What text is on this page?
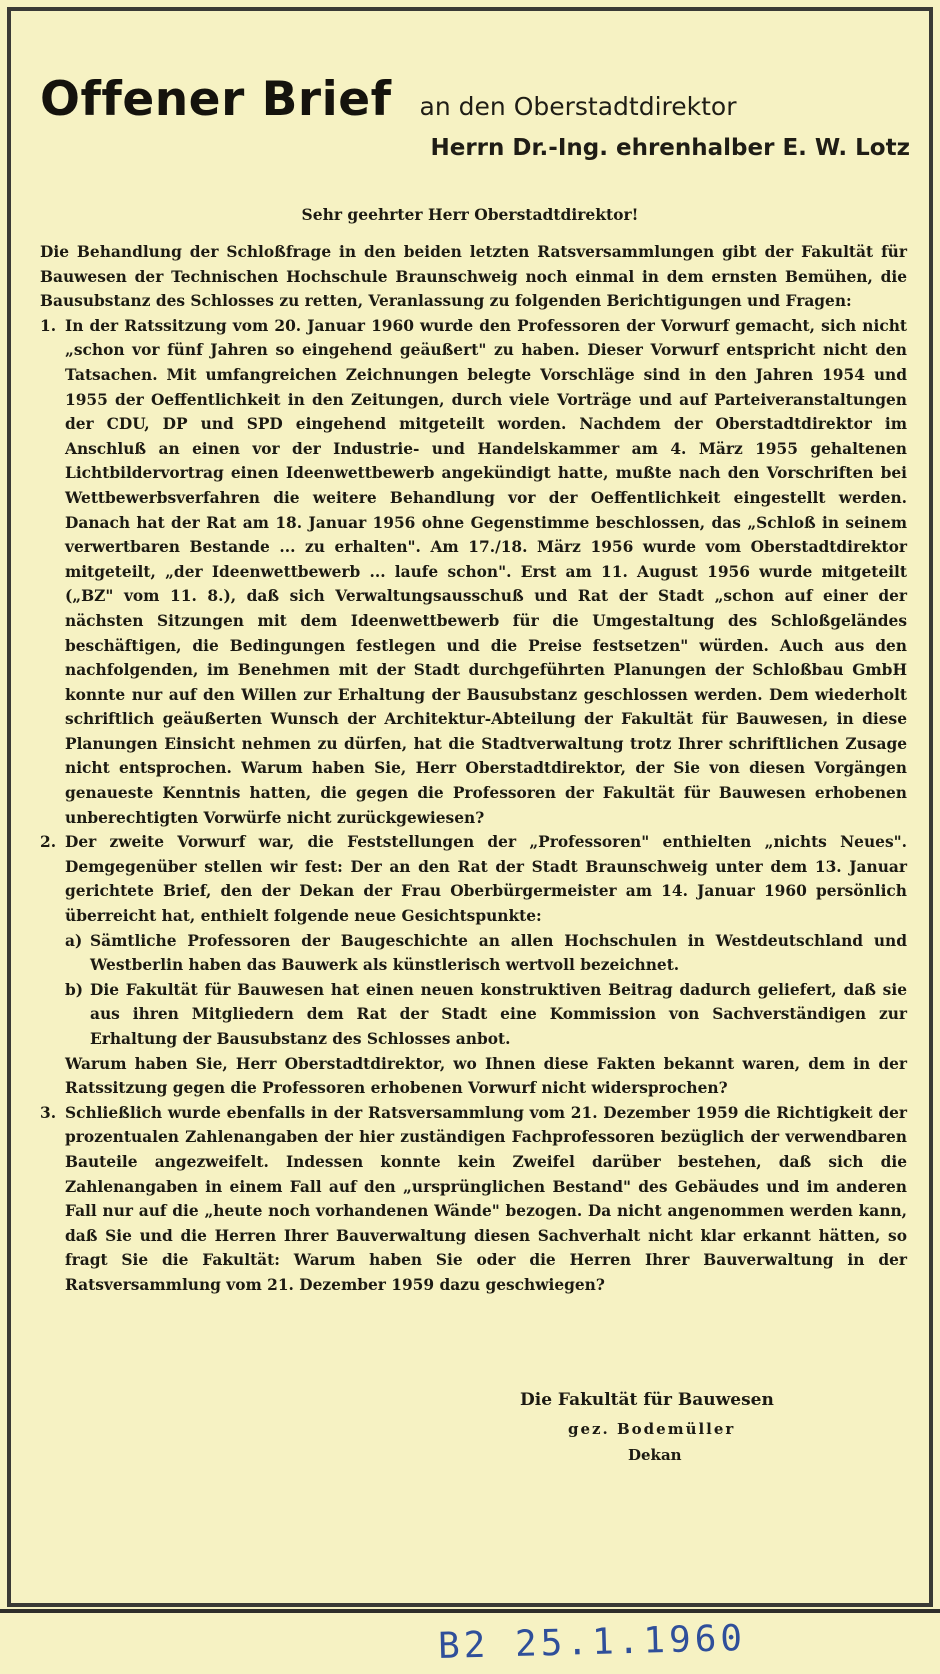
Offener Brief an den Oberstadtdirektor
Herrn Dr.-Ing. ehrenhalber E. W. Lotz
Sehr geehrter Herr Oberstadtdirektor!

Die Behandlung der Schloßfrage in den beiden letzten Ratsversammlungen gibt der Fakultät für Bauwesen der Technischen Hochschule Braunschweig noch einmal in dem ernsten Bemühen, die Bausubstanz des Schlosses zu retten, Veranlassung zu folgenden Berichtigungen und Fragen:

1. In der Ratssitzung vom 20. Januar 1960 wurde den Professoren der Vorwurf gemacht, sich nicht „schon vor fünf Jahren so eingehend geäußert" zu haben. Dieser Vorwurf entspricht nicht den Tatsachen. Mit umfangreichen Zeichnungen belegte Vorschläge sind in den Jahren 1954 und 1955 der Oeffentlichkeit in den Zeitungen, durch viele Vorträge und auf Parteiveranstaltungen der CDU, DP und SPD eingehend mitgeteilt worden. Nachdem der Oberstadtdirektor im Anschluß an einen vor der Industrie- und Handelskammer am 4. März 1955 gehaltenen Lichtbildervortrag einen Ideenwettbewerb angekündigt hatte, mußte nach den Vorschriften bei Wettbewerbsverfahren die weitere Behandlung vor der Oeffentlichkeit eingestellt werden. Danach hat der Rat am 18. Januar 1956 ohne Gegenstimme beschlossen, das „Schloß in seinem verwertbaren Bestande ... zu erhalten". Am 17./18. März 1956 wurde vom Oberstadtdirektor mitgeteilt, „der Ideenwettbewerb ... laufe schon". Erst am 11. August 1956 wurde mitgeteilt („BZ" vom 11. 8.), daß sich Verwaltungsausschuß und Rat der Stadt „schon auf einer der nächsten Sitzungen mit dem Ideenwettbewerb für die Umgestaltung des Schloßgeländes beschäftigen, die Bedingungen festlegen und die Preise festsetzen" würden. Auch aus den nachfolgenden, im Benehmen mit der Stadt durchgeführten Planungen der Schloßbau GmbH konnte nur auf den Willen zur Erhaltung der Bausubstanz geschlossen werden. Dem wiederholt schriftlich geäußerten Wunsch der Architektur-Abteilung der Fakultät für Bauwesen, in diese Planungen Einsicht nehmen zu dürfen, hat die Stadtverwaltung trotz Ihrer schriftlichen Zusage nicht entsprochen. Warum haben Sie, Herr Oberstadtdirektor, der Sie von diesen Vorgängen genaueste Kenntnis hatten, die gegen die Professoren der Fakultät für Bauwesen erhobenen unberechtigten Vorwürfe nicht zurückgewiesen?

2. Der zweite Vorwurf war, die Feststellungen der „Professoren" enthielten „nichts Neues". Demgegenüber stellen wir fest: Der an den Rat der Stadt Braunschweig unter dem 13. Januar gerichtete Brief, den der Dekan der Frau Oberbürgermeister am 14. Januar 1960 persönlich überreicht hat, enthielt folgende neue Gesichtspunkte:

a) Sämtliche Professoren der Baugeschichte an allen Hochschulen in Westdeutschland und Westberlin haben das Bauwerk als künstlerisch wertvoll bezeichnet.

b) Die Fakultät für Bauwesen hat einen neuen konstruktiven Beitrag dadurch geliefert, daß sie aus ihren Mitgliedern dem Rat der Stadt eine Kommission von Sachverständigen zur Erhaltung der Bausubstanz des Schlosses anbot.

Warum haben Sie, Herr Oberstadtdirektor, wo Ihnen diese Fakten bekannt waren, dem in der Ratssitzung gegen die Professoren erhobenen Vorwurf nicht widersprochen?

3. Schließlich wurde ebenfalls in der Ratsversammlung vom 21. Dezember 1959 die Richtigkeit der prozentualen Zahlenangaben der hier zuständigen Fachprofessoren bezüglich der verwendbaren Bauteile angezweifelt. Indessen konnte kein Zweifel darüber bestehen, daß sich die Zahlenangaben in einem Fall auf den „ursprünglichen Bestand" des Gebäudes und im anderen Fall nur auf die „heute noch vorhandenen Wände" bezogen. Da nicht angenommen werden kann, daß Sie und die Herren Ihrer Bauverwaltung diesen Sachverhalt nicht klar erkannt hätten, so fragt Sie die Fakultät: Warum haben Sie oder die Herren Ihrer Bauverwaltung in der Ratsversammlung vom 21. Dezember 1959 dazu geschwiegen?

Die Fakultät für Bauwesen
gez. Bodemüller
Dekan
B2 25.1.1960
